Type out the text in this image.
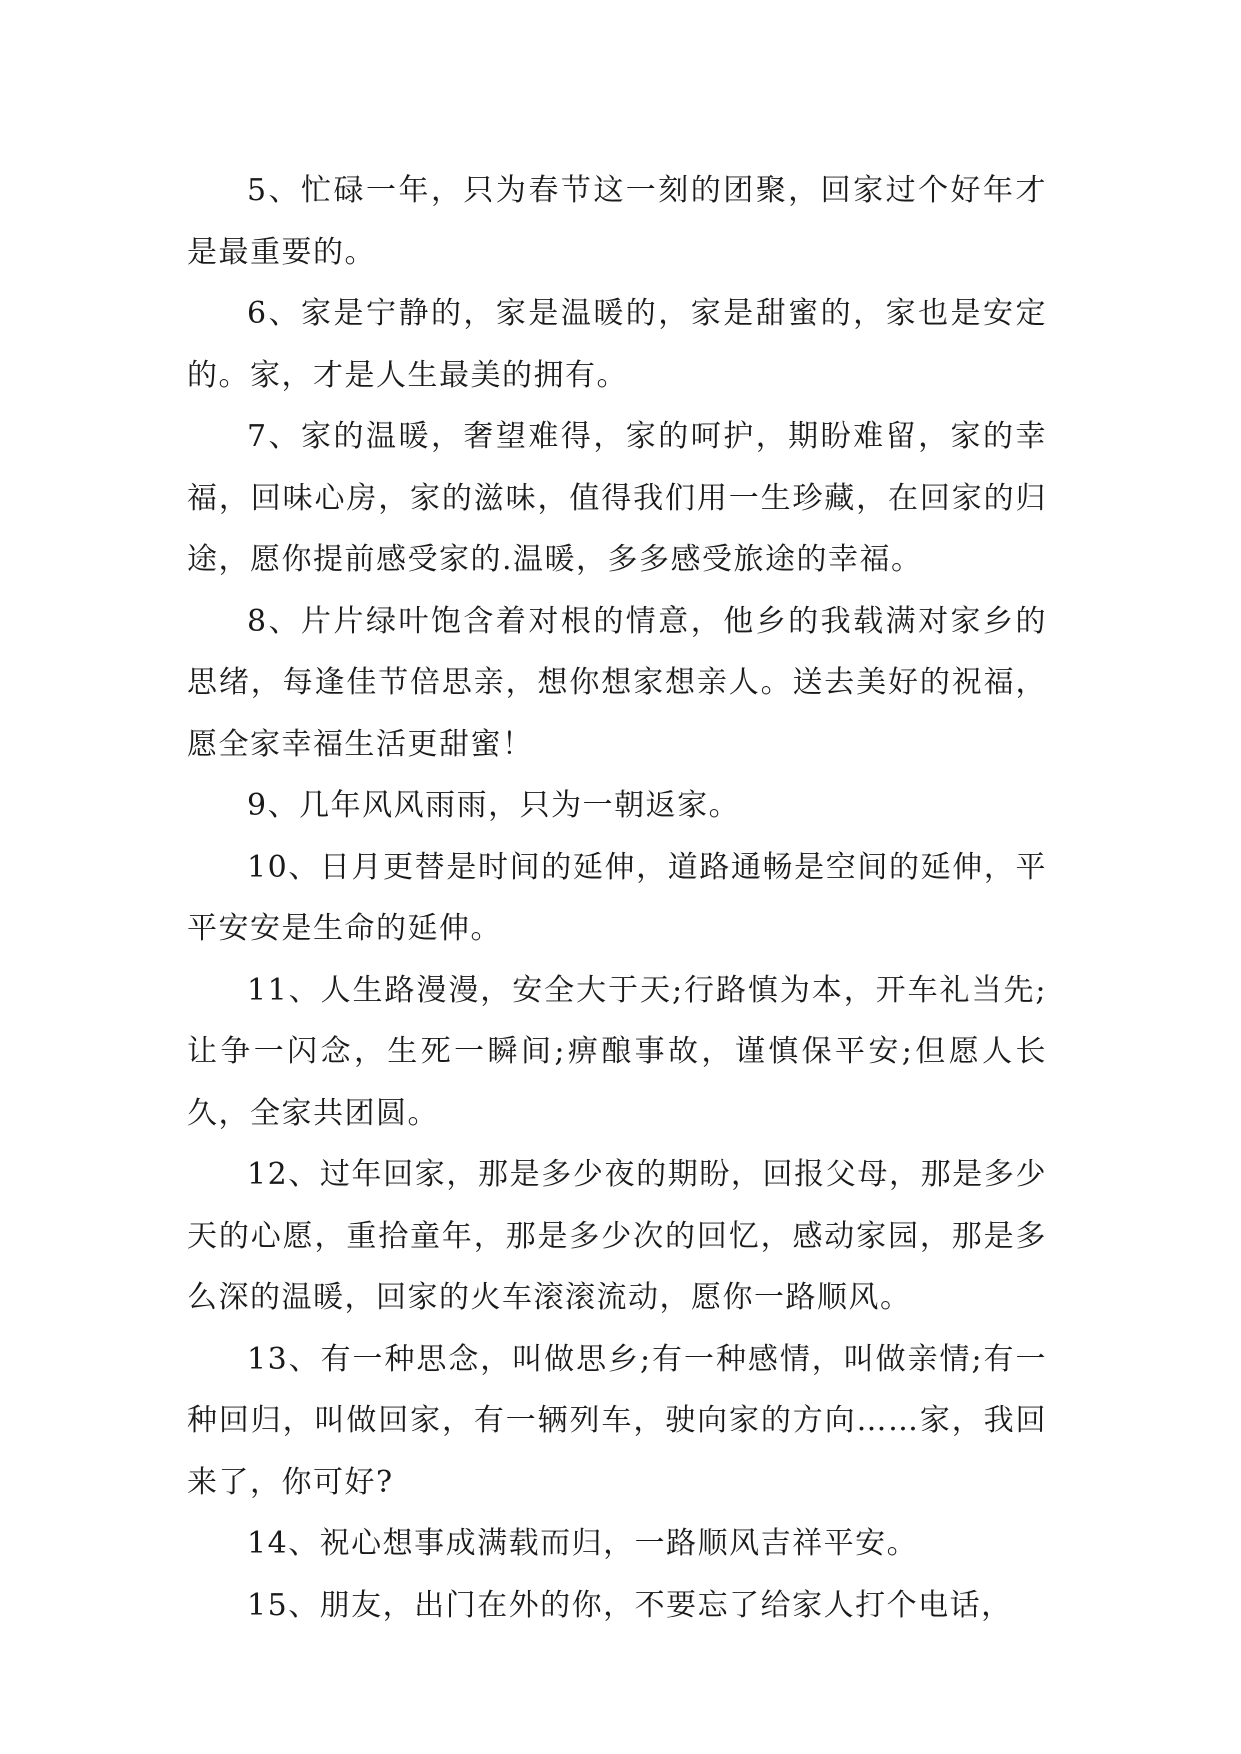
5、忙碌一年，只为春节这一刻的团聚，回家过个好年才是最重要的。

6、家是宁静的，家是温暖的，家是甜蜜的，家也是安定的。家，才是人生最美的拥有。

7、家的温暖，奢望难得，家的呵护，期盼难留，家的幸福，回味心房，家的滋味，值得我们用一生珍藏，在回家的归途，愿你提前感受家的.温暖，多多感受旅途的幸福。

8、片片绿叶饱含着对根的情意，他乡的我载满对家乡的思绪，每逢佳节倍思亲，想你想家想亲人。送去美好的祝福，愿全家幸福生活更甜蜜！

9、几年风风雨雨，只为一朝返家。

10、日月更替是时间的延伸，道路通畅是空间的延伸，平平安安是生命的延伸。

11、人生路漫漫，安全大于天;行路慎为本，开车礼当先;让争一闪念，生死一瞬间;痹酿事故，谨慎保平安;但愿人长久，全家共团圆。

12、过年回家，那是多少夜的期盼，回报父母，那是多少天的心愿，重拾童年，那是多少次的回忆，感动家园，那是多么深的温暖，回家的火车滚滚流动，愿你一路顺风。

13、有一种思念，叫做思乡;有一种感情，叫做亲情;有一种回归，叫做回家，有一辆列车，驶向家的方向……家，我回来了，你可好?

14、祝心想事成满载而归，一路顺风吉祥平安。

15、朋友，出门在外的你，不要忘了给家人打个电话，
